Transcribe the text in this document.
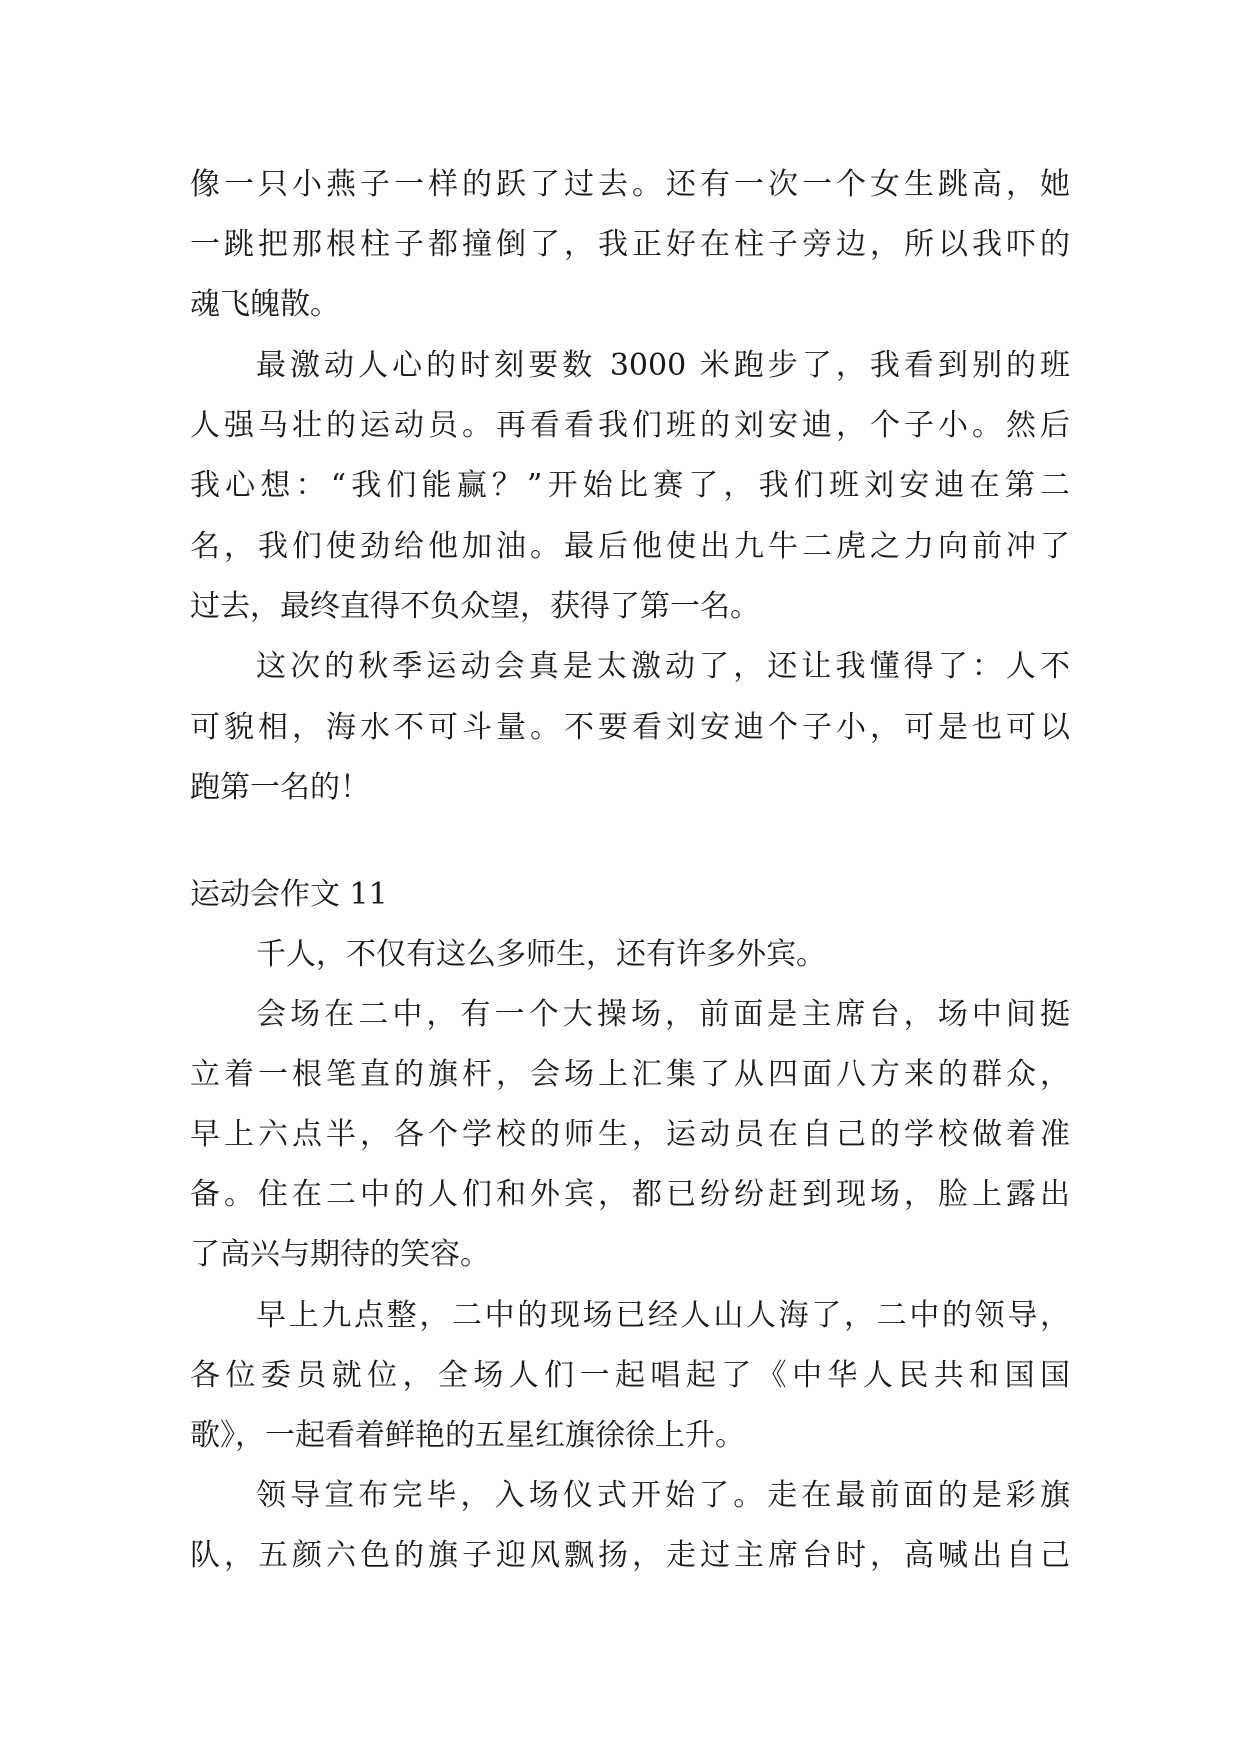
像一只小燕子一样的跃了过去。还有一次一个女生跳高，她
一跳把那根柱子都撞倒了，我正好在柱子旁边，所以我吓的
魂飞魄散。
最激动人心的时刻要数 3000 米跑步了，我看到别的班
人强马壮的运动员。再看看我们班的刘安迪，个子小。然后
我心想：“我们能赢？”开始比赛了，我们班刘安迪在第二
名，我们使劲给他加油。最后他使出九牛二虎之力向前冲了
过去，最终直得不负众望，获得了第一名。
这次的秋季运动会真是太激动了，还让我懂得了：人不
可貌相，海水不可斗量。不要看刘安迪个子小，可是也可以
跑第一名的！
运动会作文 11
千人，不仅有这么多师生，还有许多外宾。
会场在二中，有一个大操场，前面是主席台，场中间挺
立着一根笔直的旗杆，会场上汇集了从四面八方来的群众，
早上六点半，各个学校的师生，运动员在自己的学校做着准
备。住在二中的人们和外宾，都已纷纷赶到现场，脸上露出
了高兴与期待的笑容。
早上九点整，二中的现场已经人山人海了，二中的领导，
各位委员就位，全场人们一起唱起了《中华人民共和国国
歌》，一起看着鲜艳的五星红旗徐徐上升。
领导宣布完毕，入场仪式开始了。走在最前面的是彩旗
队，五颜六色的旗子迎风飘扬，走过主席台时，高喊出自己
